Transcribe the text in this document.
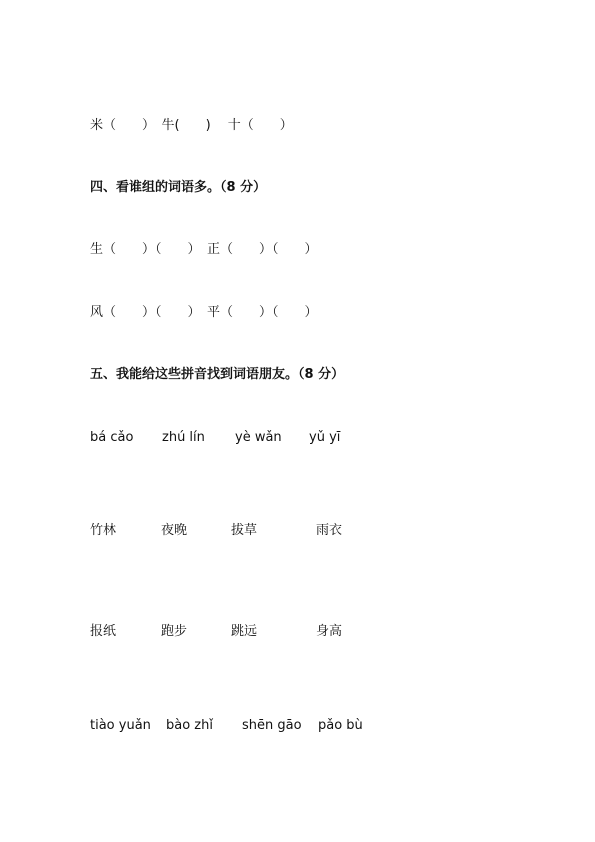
米（　　）　牛(　　)　 十（　　）
四、看谁组的词语多。（8 分）
生（　　）（　　）　正（　　）（　　）
风（　　）（　　）　平（　　）（　　）
五、我能给这些拼音找到词语朋友。（8 分）
bá cǎo zhú lín yè wǎn yǔ yī
竹林	夜晚	拔草	雨衣
报纸	跑步	跳远	身高
tiào yuǎn bào zhǐ shēn gāo pǎo bù
